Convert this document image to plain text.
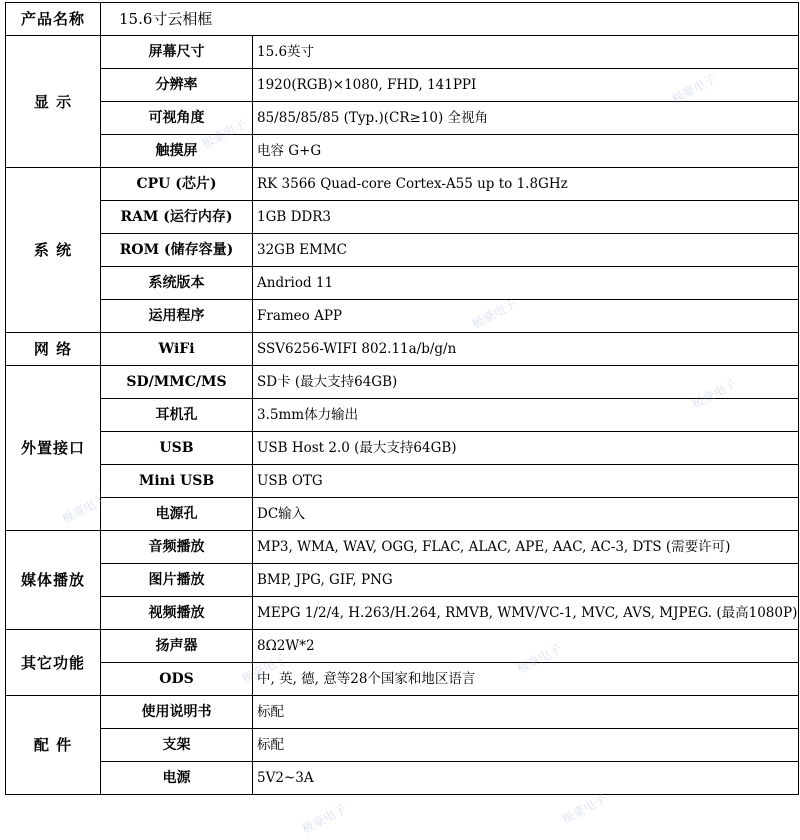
产品名称	15.6寸云相框	
显 示	屏幕尺寸	15.6英寸
	分辨率	1920(RGB)×1080, FHD, 141PPI
	可视角度	85/85/85/85 (Typ.)(CR≥10) 全视角
	触摸屏	电容 G+G
系 统	CPU (芯片)	RK 3566 Quad-core Cortex-A55 up to 1.8GHz
	RAM (运行内存)	1GB DDR3
	ROM (储存容量)	32GB EMMC
	系统版本	Andriod 11
	运用程序	Frameo APP
网 络	WiFi	SSV6256-WIFI 802.11a/b/g/n
外置接口	SD/MMC/MS	SD卡 (最大支持64GB)
	耳机孔	3.5mm体力输出
	USB	USB Host 2.0 (最大支持64GB)
	Mini USB	USB OTG
	电源孔	DC输入
媒体播放	音频播放	MP3, WMA, WAV, OGG, FLAC, ALAC, APE, AAC, AC-3, DTS (需要许可)
	图片播放	BMP, JPG, GIF, PNG
	视频播放	MEPG 1/2/4, H.263/H.264, RMVB, WMV/VC-1, MVC, AVS, MJPEG. (最高1080P)
其它功能	扬声器	8Ω2W*2
	ODS	中, 英, 德, 意等28个国家和地区语言
配 件	使用说明书	标配
	支架	标配
	电源	5V2~3A
极豪电子
极豪电子
极豪电子
极豪电子
极豪电子	极豪电子
极豪电子	极豪电子
极豪电子
